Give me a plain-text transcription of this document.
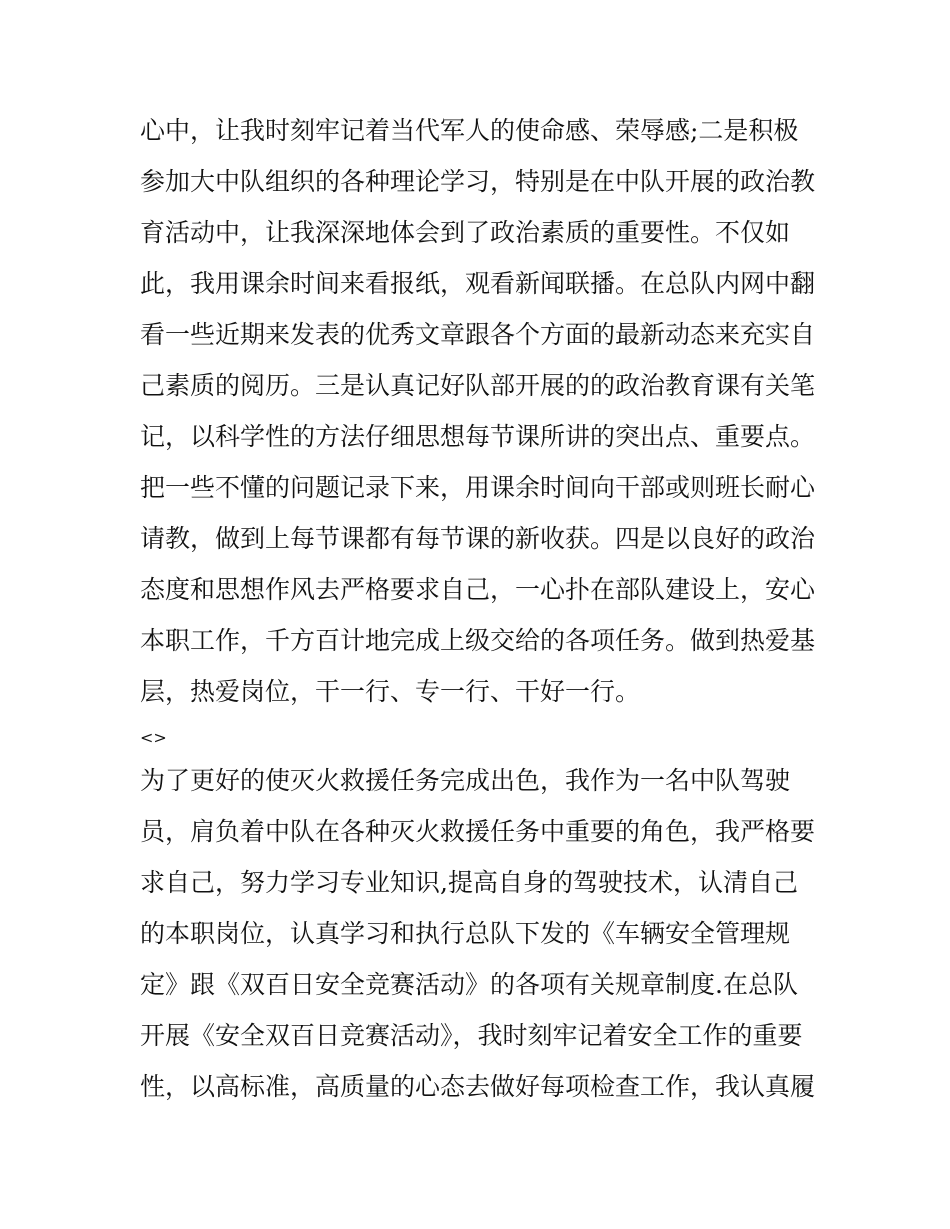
心中，让我时刻牢记着当代军人的使命感、荣辱感;二是积极
参加大中队组织的各种理论学习，特别是在中队开展的政治教
育活动中，让我深深地体会到了政治素质的重要性。不仅如
此，我用课余时间来看报纸，观看新闻联播。在总队内网中翻
看一些近期来发表的优秀文章跟各个方面的最新动态来充实自
己素质的阅历。三是认真记好队部开展的的政治教育课有关笔
记，以科学性的方法仔细思想每节课所讲的突出点、重要点。
把一些不懂的问题记录下来，用课余时间向干部或则班长耐心
请教，做到上每节课都有每节课的新收获。四是以良好的政治
态度和思想作风去严格要求自己，一心扑在部队建设上，安心
本职工作，千方百计地完成上级交给的各项任务。做到热爱基
层，热爱岗位，干一行、专一行、干好一行。
<>
为了更好的使灭火救援任务完成出色，我作为一名中队驾驶
员，肩负着中队在各种灭火救援任务中重要的角色，我严格要
求自己，努力学习专业知识,提高自身的驾驶技术，认清自己
的本职岗位，认真学习和执行总队下发的《车辆安全管理规
定》跟《双百日安全竞赛活动》的各项有关规章制度.在总队
开展《安全双百日竞赛活动》，我时刻牢记着安全工作的重要
性，以高标准，高质量的心态去做好每项检查工作，我认真履
